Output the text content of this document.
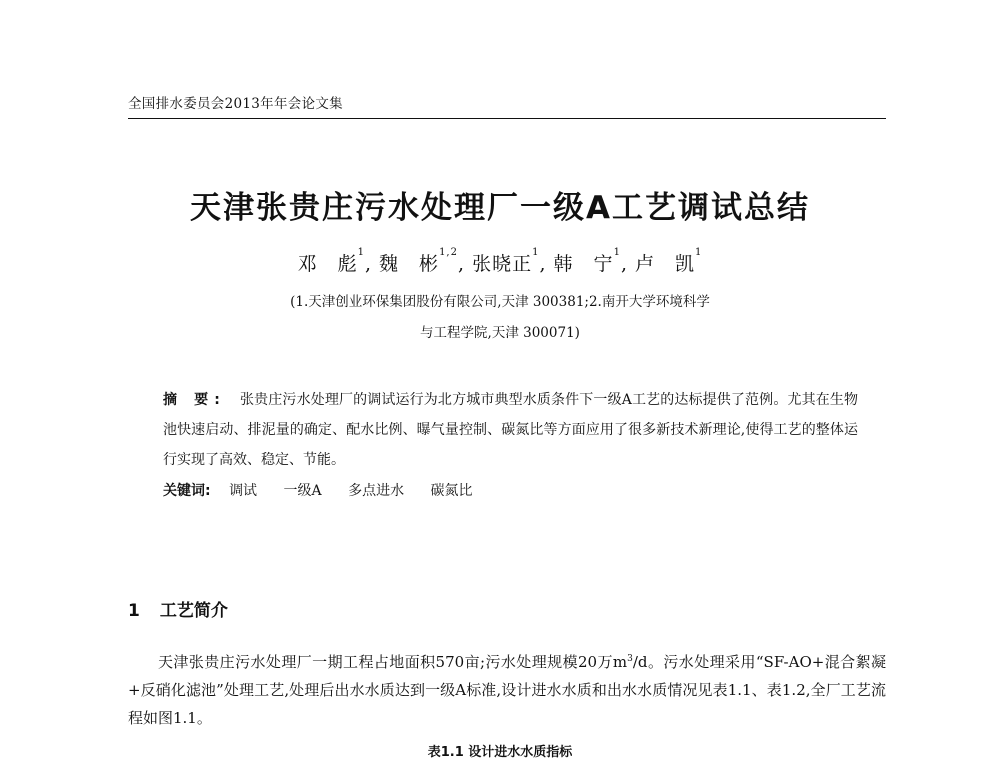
全国排水委员会2013年年会论文集
天津张贵庄污水处理厂一级A工艺调试总结
邓　彪$^1$, 魏　彬$^{1,2}$, 张晓正$^1$, 韩　宁$^1$, 卢　凯$^1$
(1.天津创业环保集团股份有限公司,天津 300381;2.南开大学环境科学
与工程学院,天津 300071)
摘 要: 张贵庄污水处理厂的调试运行为北方城市典型水质条件下一级A工艺的达标提供了范例。尤其在生物池快速启动、排泥量的确定、配水比例、曝气量控制、碳氮比等方面应用了很多新技术新理论,使得工艺的整体运行实现了高效、稳定、节能。
关键词: 调试 一级A 多点进水 碳氮比
1 工艺简介
天津张贵庄污水处理厂一期工程占地面积570亩;污水处理规模20万$m^3/d$。污水处理采用“SF-AO+混合絮凝+反硝化滤池”处理工艺,处理后出水水质达到一级A标准,设计进水水质和出水水质情况见表1.1、表1.2,全厂工艺流程如图1.1。
表1.1 设计进水水质指标
